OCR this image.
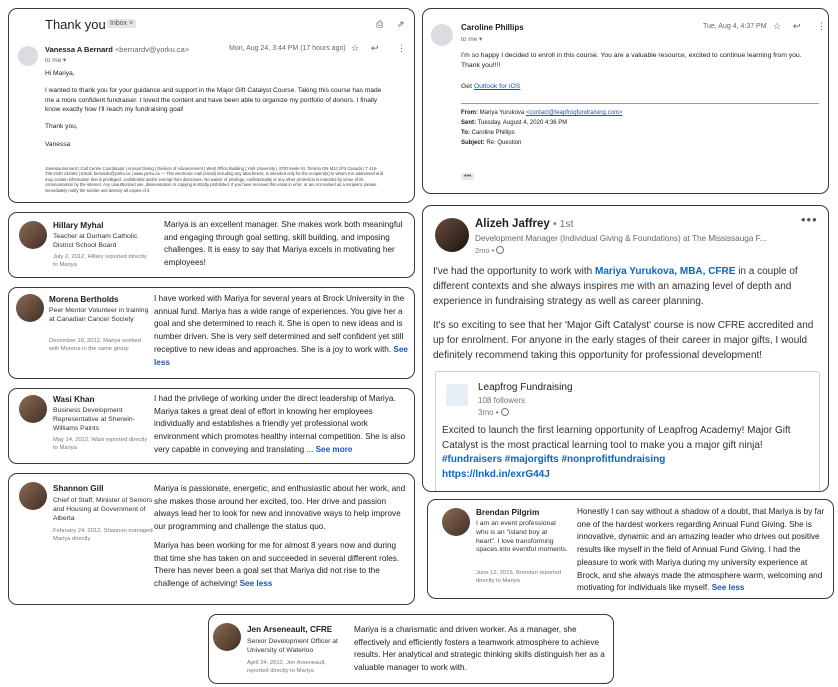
Thank you Inbox ×	⎙ ⇗
Vanessa A Bernard <bernardv@yorku.ca>
to me ▾
Mon, Aug 24, 3:44 PM (17 hours ago) ☆ ↩ ⋮

Hi Mariya,

I wanted to thank you for your guidance and support in the Major Gift Catalyst Course. Taking this course has made me a more confident fundraiser. I loved the content and have been able to organize my portfolio of donors. I finally know exactly how I'll reach my fundraising goal!

Thank you,

Vanessa

Vanessa Bernard | Call Centre Coordinator | Annual Giving | Division of Advancement | West Office Building | York University | 4700 Keele St. Toronto ON M3J 1P3 Canada | T 416-736-2100 x33463 | Email: bernardv@yorku.ca | www.yorku.ca — This electronic mail (email) including any attachment, is intended only for the recipient(s) to whom it is addressed and may contain information that is privileged, confidential and/or exempt from disclosure. No waiver of privilege, confidentiality or any other protection is intended by virtue of its communication by the internet. Any unauthorized use, dissemination or copying is strictly prohibited. If you have received this email in error, or are not named as a recipient, please immediately notify the sender and destroy all copies of it.
Caroline Phillips
to me ▾
Tue, Aug 4, 4:37 PM ☆ ↩ ⋮
I'm so happy I decided to enroll in this course. You are a valuable resource, excited to continue learning from you. Thank you!!!!
Get Outlook for iOS
From: Mariya Yurukova <contact@leapfrogfundraising.com>
Sent: Tuesday, August 4, 2020 4:36 PM
To: Caroline Phillips
Subject: Re: Question
•••
Hillary Myhal
Teacher at Durham Catholic District School Board
July 2, 2012, Hillary reported directly to Mariya
Mariya is an excellent manager. She makes work both meaningful and engaging through goal setting, skill building, and imposing challenges. It is easy to say that Mariya excels in motivating her employees!
Morena Bertholds
Peer Mentor Volunteer in training at Canadian Cancer Society
December 18, 2012, Mariya worked with Morena in the same group
I have worked with Mariya for several years at Brock University in the annual fund. Mariya has a wide range of experiences. You give her a goal and she determined to reach it. She is open to new ideas and is number driven. She is very self determined and self confident yet still receptive to new ideas and approaches. She is a joy to work with. See less
Wasi Khan
Business Development Representative at Sherwin-Williams Paints
May 14, 2012, Wasi reported directly to Mariya
I had the privilege of working under the direct leadership of Mariya. Mariya takes a great deal of effort in knowing her employees individually and establishes a friendly yet professional work environment which promotes healthy internal competition. She is also very capable in conveying and translating ... See more
Shannon Gill
Chief of Staff, Minister of Seniors and Housing at Government of Alberta
February 24, 2012, Shannon managed Mariya directly
Mariya is passionate, energetic, and enthusiastic about her work, and she makes those around her excited, too. Her drive and passion always lead her to look for new and innovative ways to help improve our programming and challenge the status quo.
Mariya has been working for me for almost 8 years now and during that time she has taken on and succeeded in several different roles. There has never been a goal set that Mariya did not rise to the challenge of acheiving! See less
Jen Arseneault, CFRE
Senior Development Officer at University of Waterloo
April 24, 2012, Jen Arseneault, reported directly to Mariya
Mariya is a charismatic and driven worker. As a manager, she effectively and efficiently fosters a teamwork atmosphere to achieve results. Her analytical and strategic thinking skills distinguish her as a valuable manager to work with.
Alizeh Jaffrey • 1st
Development Manager (Individual Giving & Foundations) at The Mississauga F...
2mo •
•••

I've had the opportunity to work with Mariya Yurukova, MBA, CFRE in a couple of different contexts and she always inspires me with an amazing level of depth and experience in fundraising strategy as well as career planning.

It's so exciting to see that her 'Major Gift Catalyst' course is now CFRE accredited and up for enrolment. For anyone in the early stages of their career in major gifts, I would definitely recommend taking this opportunity for professional development!

Leapfrog Fundraising
108 followers
3mo •
Excited to launch the first learning opportunity of Leapfrog Academy! Major Gift Catalyst is the most practical learning tool to make you a major gift ninja!
#fundraisers #majorgifts #nonprofitfundraising
https://lnkd.in/exrG44J
Brendan Pilgrim
I am an event professional who is an "island boy at heart". I love transforming spaces into eventful moments.
June 12, 2015, Brendan reported directly to Mariya
Honestly I can say without a shadow of a doubt, that Mariya is by far one of the hardest workers regarding Annual Fund Giving. She is innovative, dynamic and an amazing leader who drives out positive results like myself in the field of Annual Fund Giving. I had the pleasure to work with Mariya during my university experience at Brock, and she always made the atmosphere warm, welcoming and motivating for individuals like myself. See less
